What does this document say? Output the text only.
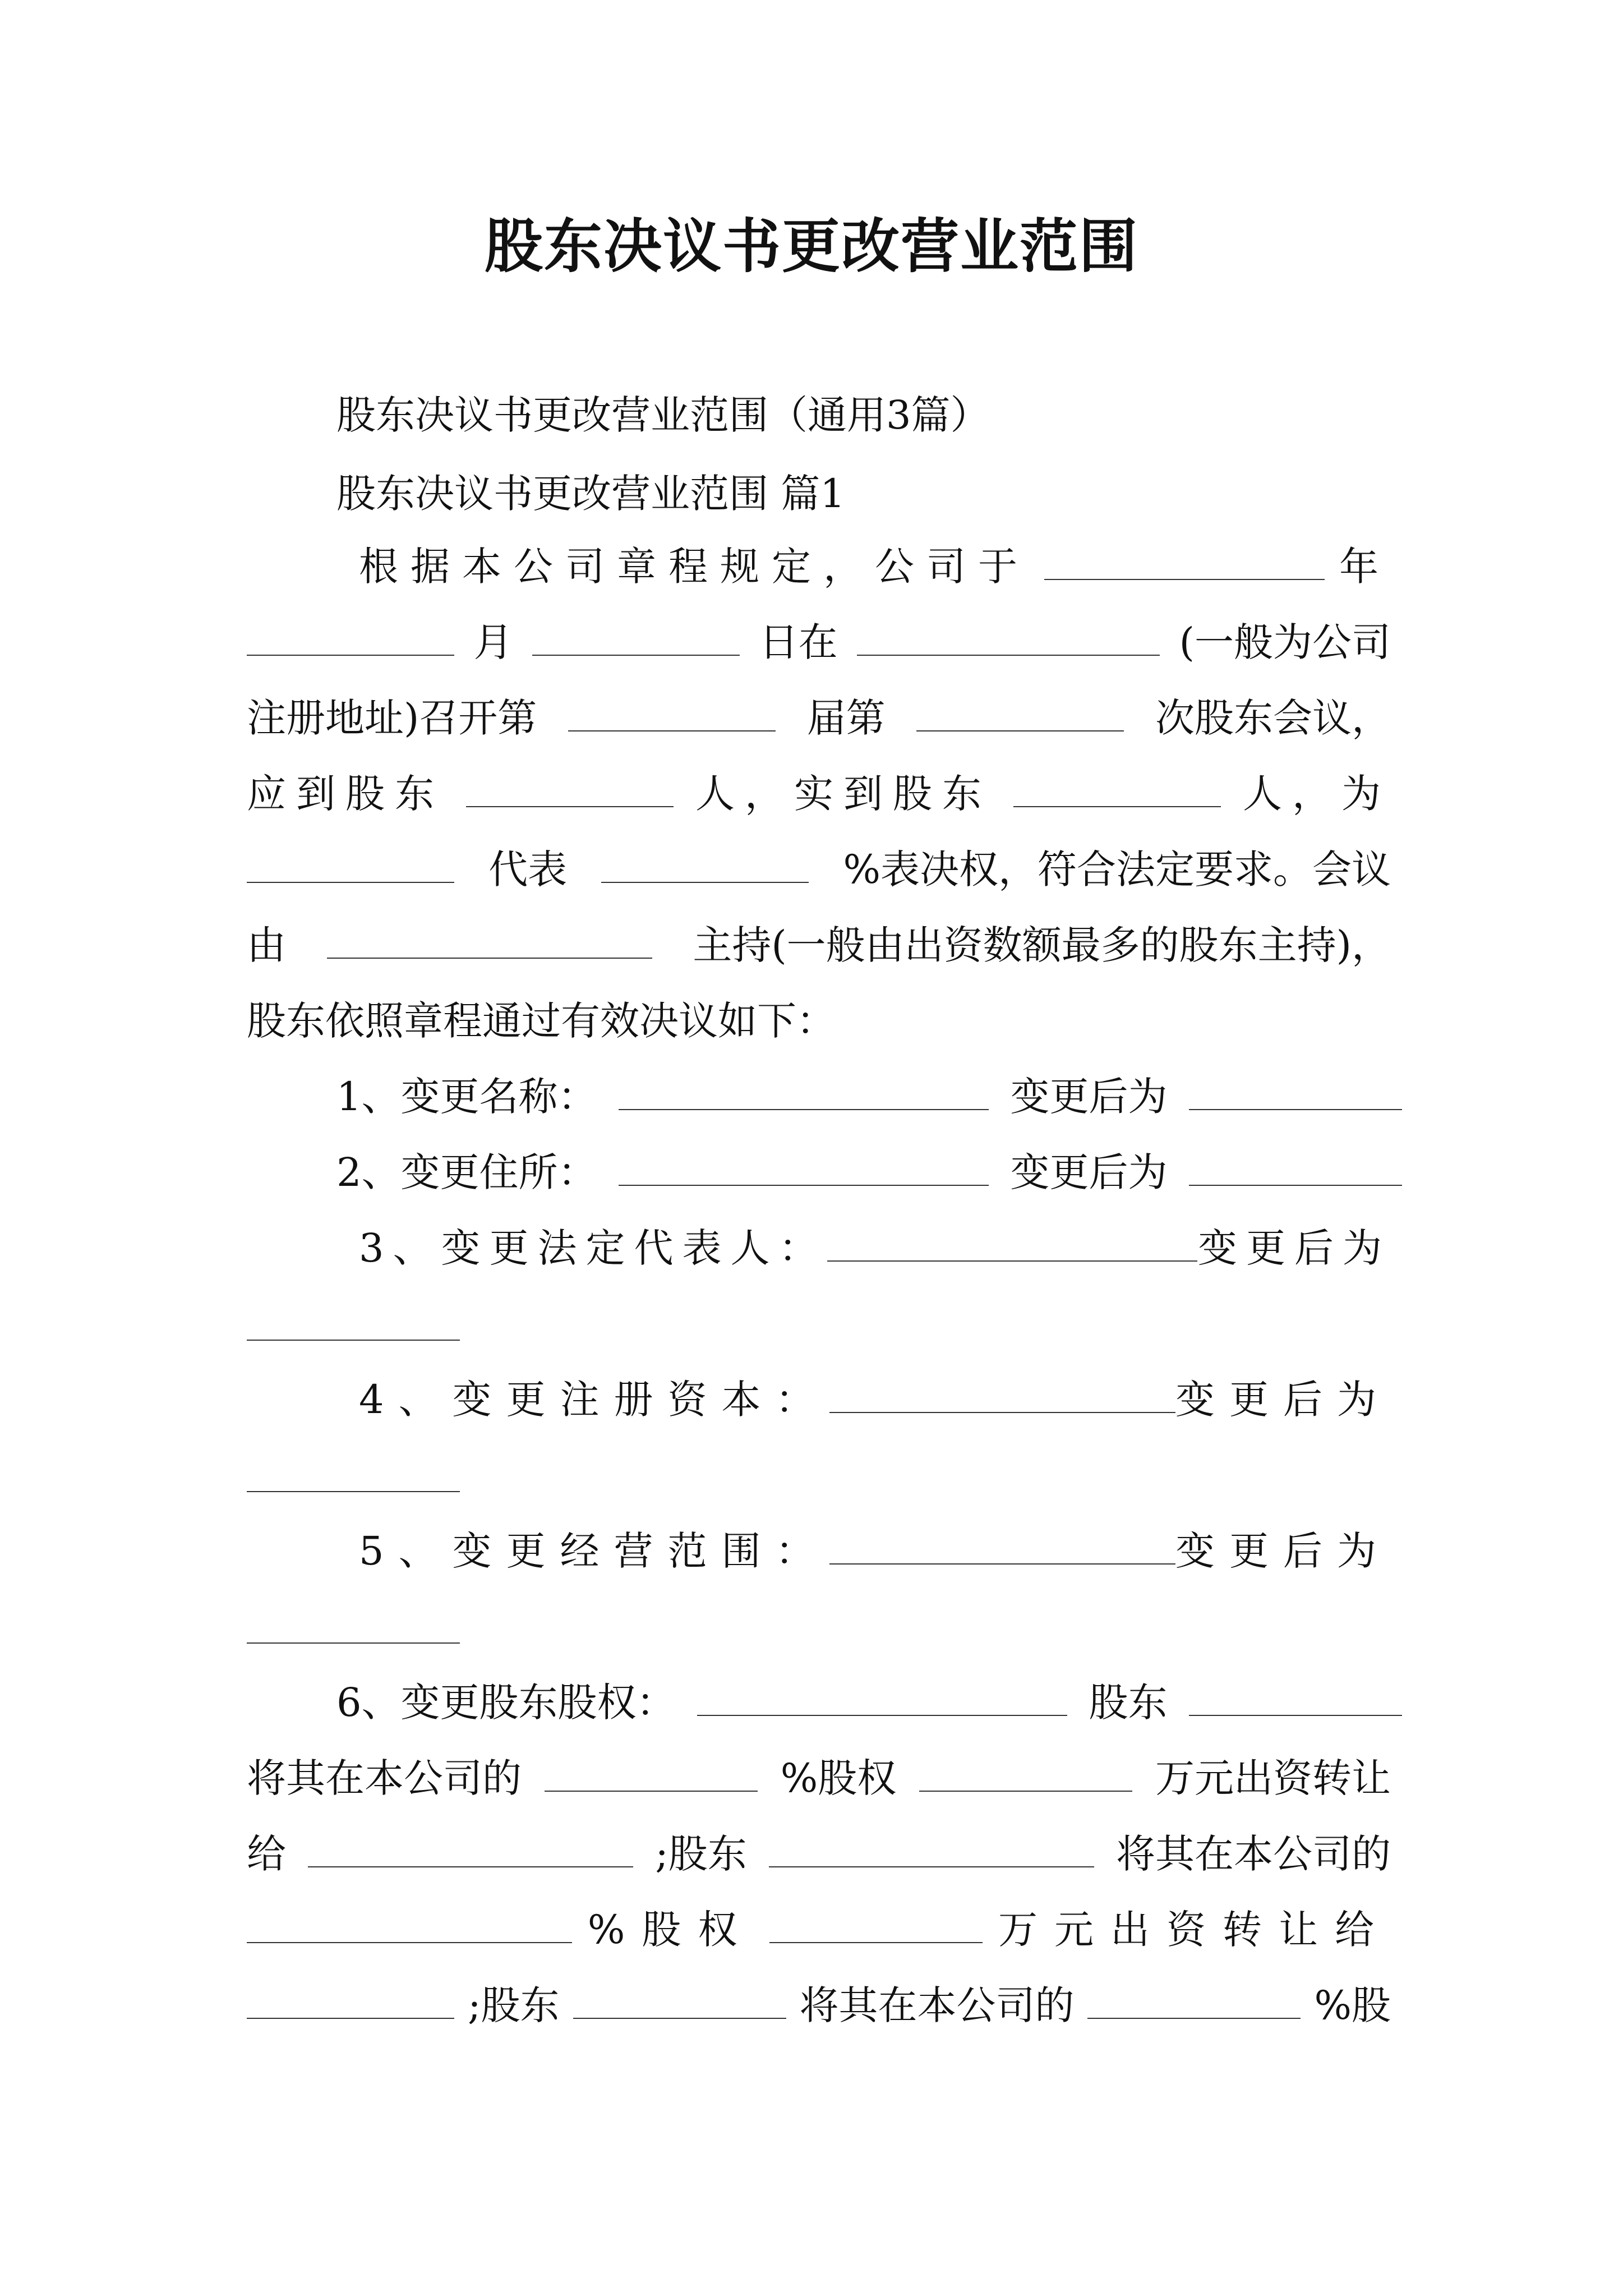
股东决议书更改营业范围
股东决议书更改营业范围（通用3篇）
股东决议书更改营业范围 篇1
根据本公司章程规定，公司于	年
月	日在	(一般为公司
注册地址)召开第	届第	次股东会议，
应到股东	人，实到股东	人，为
代表	%表决权，符合法定要求。会议
由	主持(一般由出资数额最多的股东主持)，
股东依照章程通过有效决议如下：
1、变更名称：	变更后为
2、变更住所：	变更后为
3、变更法定代表人：	变更后为
4、变更注册资本：	变更后为
5、变更经营范围：	变更后为
6、变更股东股权：	股东
将其在本公司的	%股权	万元出资转让
给	;股东	将其在本公司的
%股权	万元出资转让给
;股东	将其在本公司的	%股
